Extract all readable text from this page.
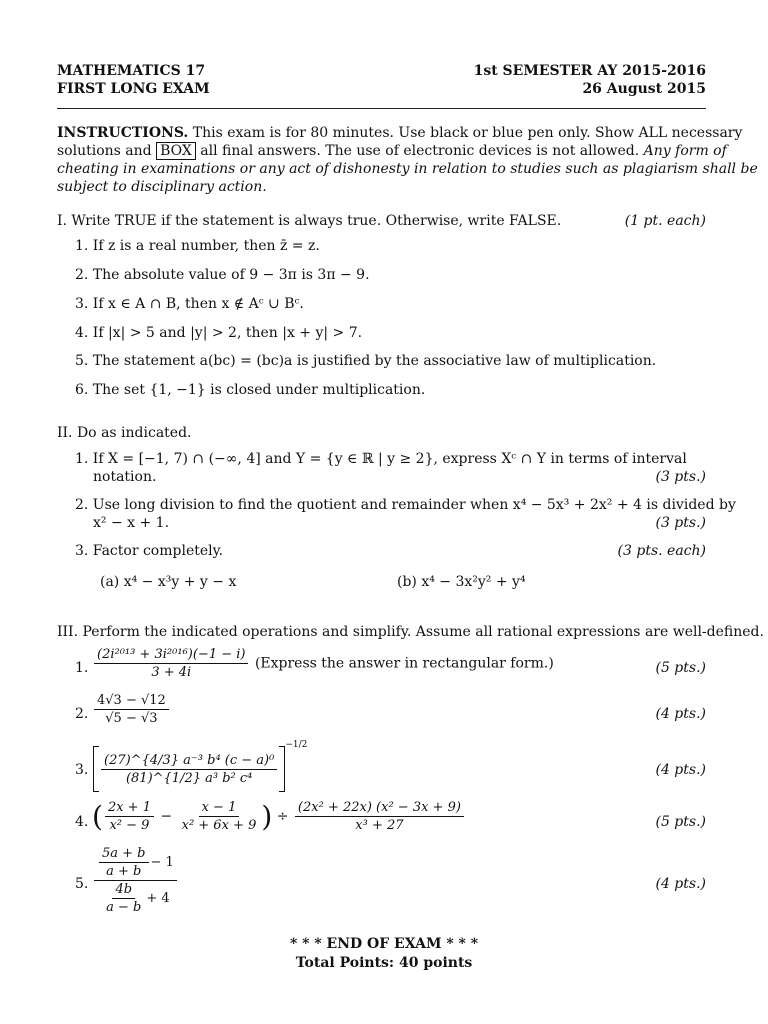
MATHEMATICS 17
FIRST LONG EXAM
1st SEMESTER AY 2015-2016
26 August 2015
INSTRUCTIONS. This exam is for 80 minutes. Use black or blue pen only. Show ALL necessary
solutions and BOX all final answers. The use of electronic devices is not allowed. Any form of
cheating in examinations or any act of dishonesty in relation to studies such as plagiarism shall be
subject to disciplinary action.
I. Write TRUE if the statement is always true. Otherwise, write FALSE.	(1 pt. each)
1. If z is a real number, then z̄ = z.
2. The absolute value of 9 − 3π is 3π − 9.
3. If x ∈ A ∩ B, then x ∉ Aᶜ ∪ Bᶜ.
4. If |x| > 5 and |y| > 2, then |x + y| > 7.
5. The statement a(bc) = (bc)a is justified by the associative law of multiplication.
6. The set {1, −1} is closed under multiplication.
II. Do as indicated.
1. If X = [−1, 7) ∩ (−∞, 4] and Y = {y ∈ ℝ | y ≥ 2}, express Xᶜ ∩ Y in terms of interval
notation.	(3 pts.)
2. Use long division to find the quotient and remainder when x⁴ − 5x³ + 2x² + 4 is divided by
x² − x + 1.	(3 pts.)
3. Factor completely.	(3 pts. each)
(a) x⁴ − x³y + y − x	(b) x⁴ − 3x²y² + y⁴
III. Perform the indicated operations and simplify. Assume all rational expressions are well-defined.
1. $\frac{\text{(2i²⁰¹³ + 3i²⁰¹⁶)(−1 − i)}}{3 + 4i}$ (Express the answer in rectangular form.)	(5 pts.)
2. $\frac{4√3 - √12}{√5 - √3}$	(4 pts.)
3. $\frac{\text{(27)\textasciicircum{}\{4/3\} a⁻³ b⁴ (c − a)⁰}}{\text{(81)\textasciicircum{}\{1/2\} a³ b² c⁴}}$
$^{-1/2}$
(4 pts.)
4. ( $\frac{2x + 1}{\text{x² − 9}} - \frac{x - 1}{\text{x² + 6x + 9}}$ ) ÷ $\frac{\text{(2x² + 22x) (x² − 3x + 9)}}{\text{x³ + 27}}$	(5 pts.)
5. $\frac{\frac{5a + b}{a + b} - 1}{\frac{4b}{a - b} + 4}$	(4 pts.)
* * * END OF EXAM * * *
Total Points: 40 points
